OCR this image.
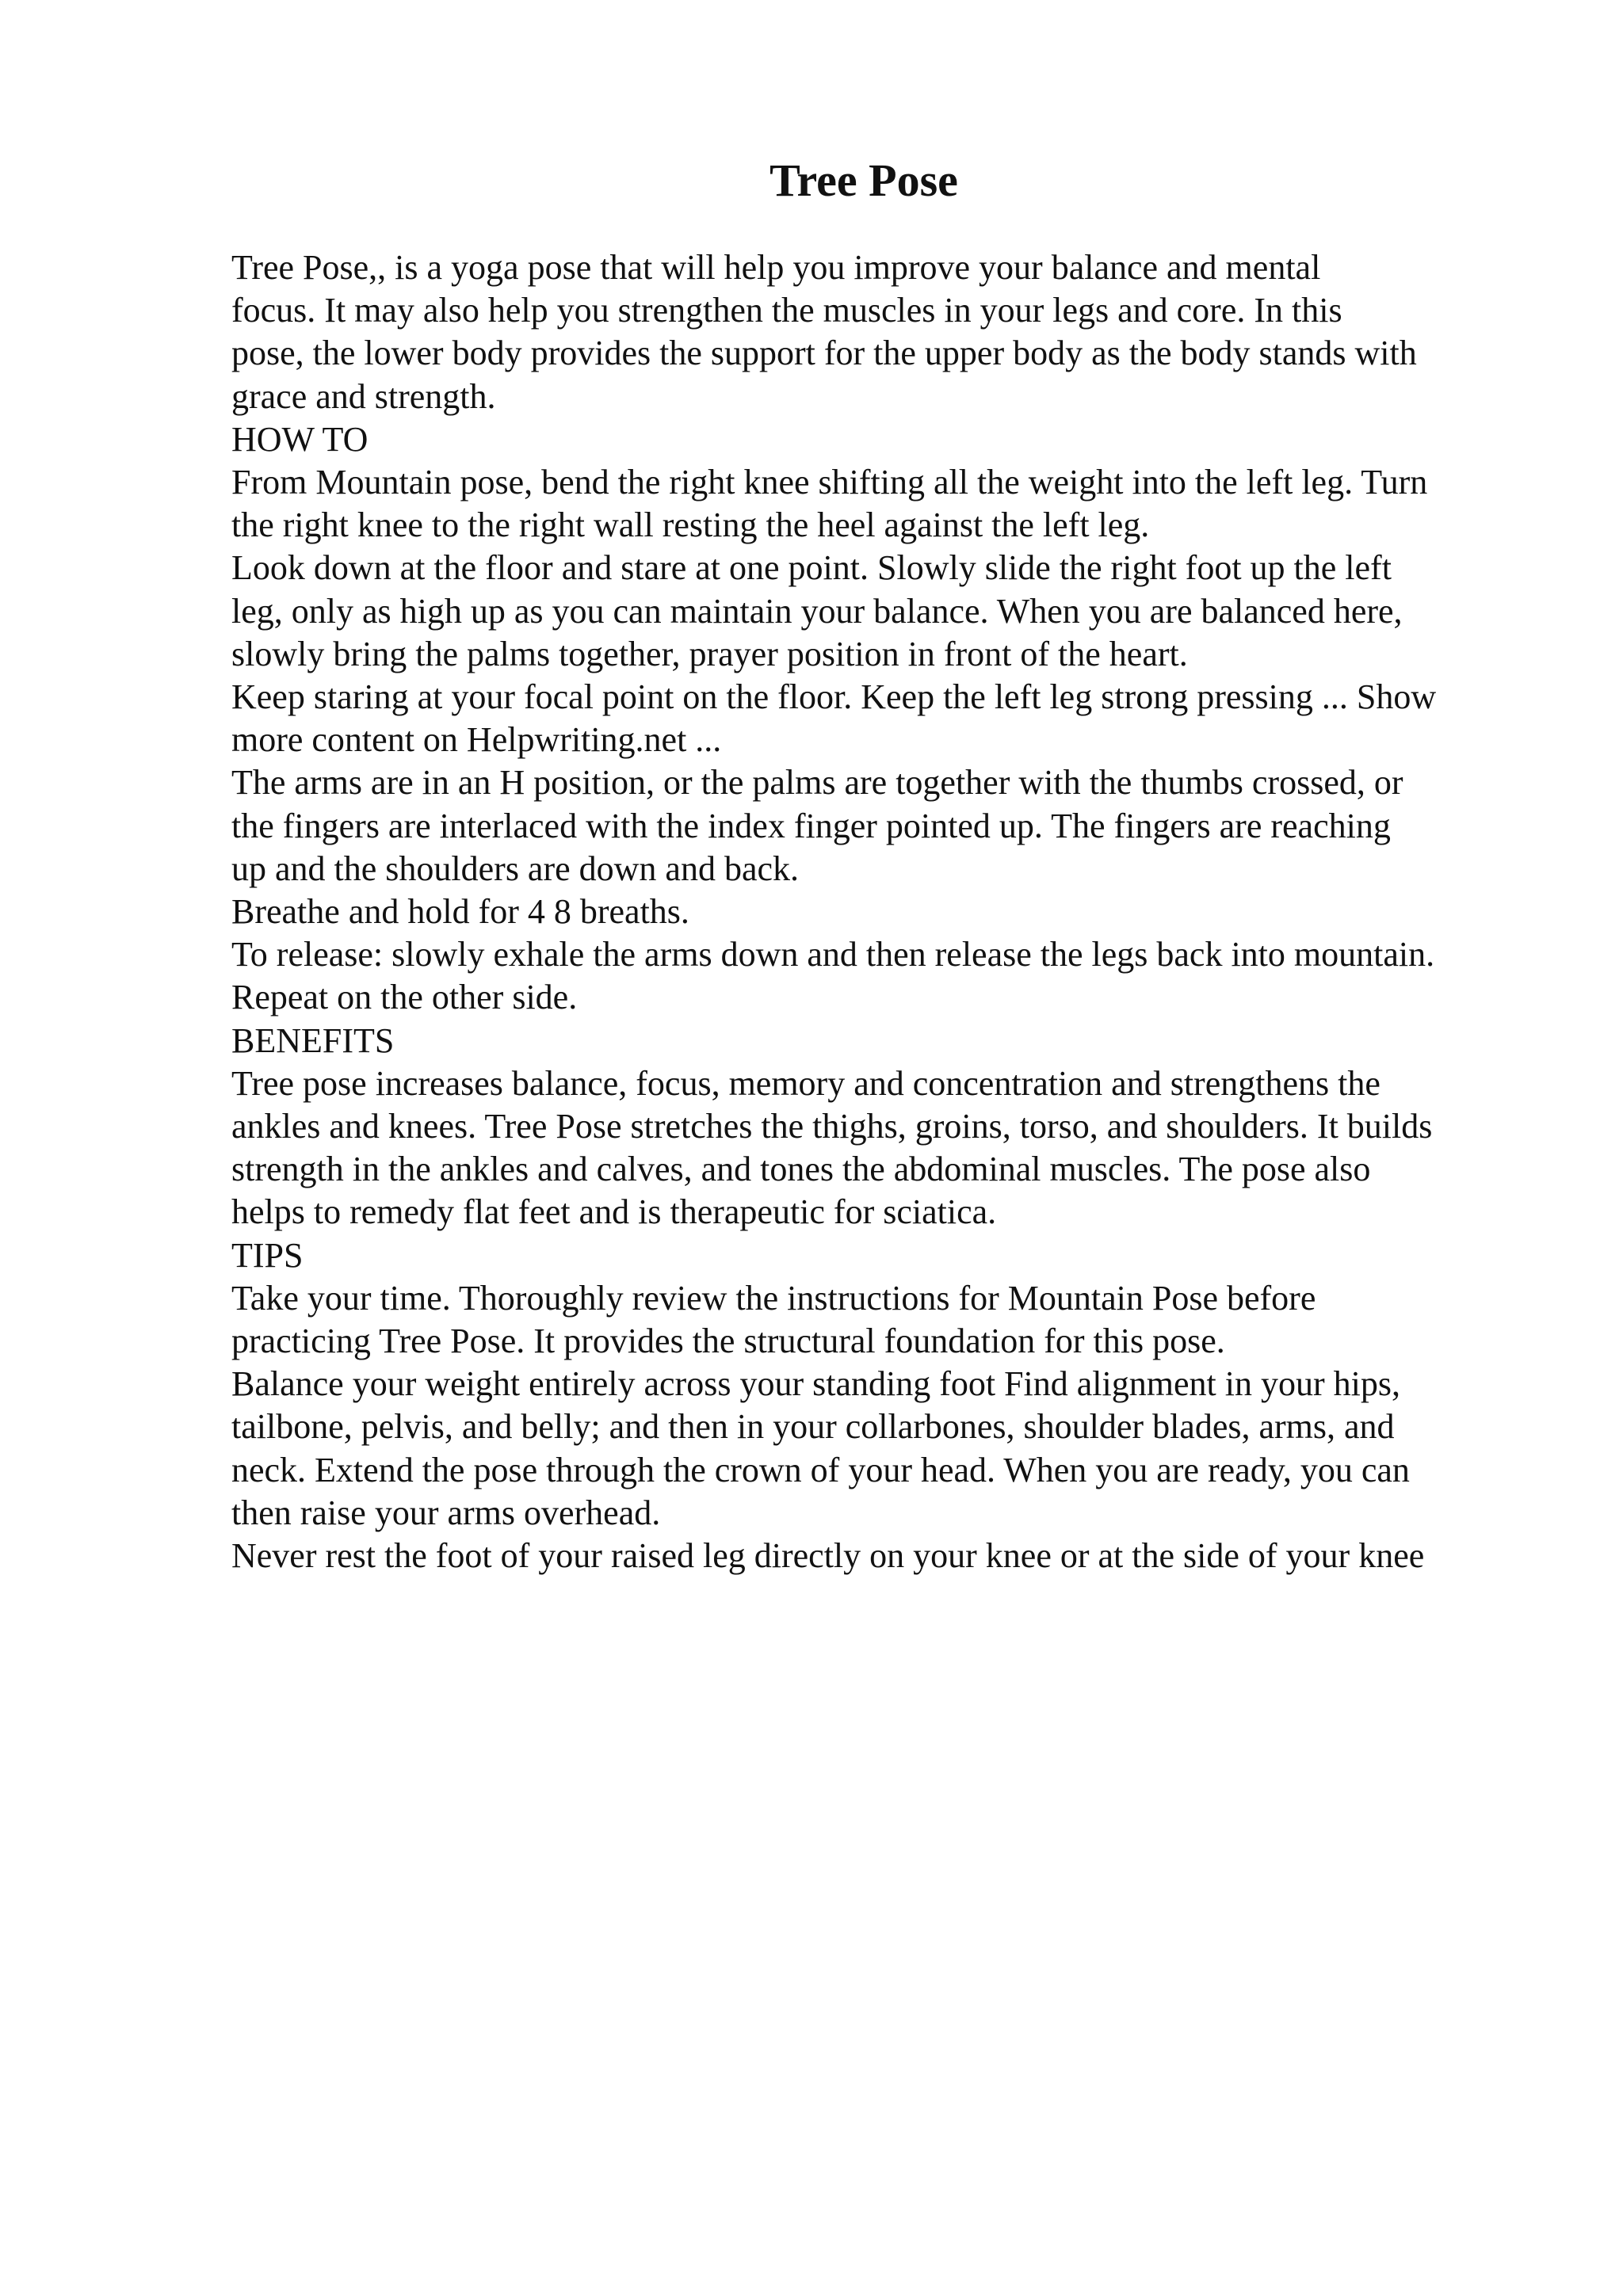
Tree Pose
Tree Pose,, is a yoga pose that will help you improve your balance and mental
focus. It may also help you strengthen the muscles in your legs and core. In this
pose, the lower body provides the support for the upper body as the body stands with
grace and strength.
HOW TO
From Mountain pose, bend the right knee shifting all the weight into the left leg. Turn
the right knee to the right wall resting the heel against the left leg.
Look down at the floor and stare at one point. Slowly slide the right foot up the left
leg, only as high up as you can maintain your balance. When you are balanced here,
slowly bring the palms together, prayer position in front of the heart.
Keep staring at your focal point on the floor. Keep the left leg strong pressing ... Show
more content on Helpwriting.net ...
The arms are in an H position, or the palms are together with the thumbs crossed, or
the fingers are interlaced with the index finger pointed up. The fingers are reaching
up and the shoulders are down and back.
Breathe and hold for 4 8 breaths.
To release: slowly exhale the arms down and then release the legs back into mountain.
Repeat on the other side.
BENEFITS
Tree pose increases balance, focus, memory and concentration and strengthens the
ankles and knees. Tree Pose stretches the thighs, groins, torso, and shoulders. It builds
strength in the ankles and calves, and tones the abdominal muscles. The pose also
helps to remedy flat feet and is therapeutic for sciatica.
TIPS
Take your time. Thoroughly review the instructions for Mountain Pose before
practicing Tree Pose. It provides the structural foundation for this pose.
Balance your weight entirely across your standing foot Find alignment in your hips,
tailbone, pelvis, and belly; and then in your collarbones, shoulder blades, arms, and
neck. Extend the pose through the crown of your head. When you are ready, you can
then raise your arms overhead.
Never rest the foot of your raised leg directly on your knee or at the side of your knee
